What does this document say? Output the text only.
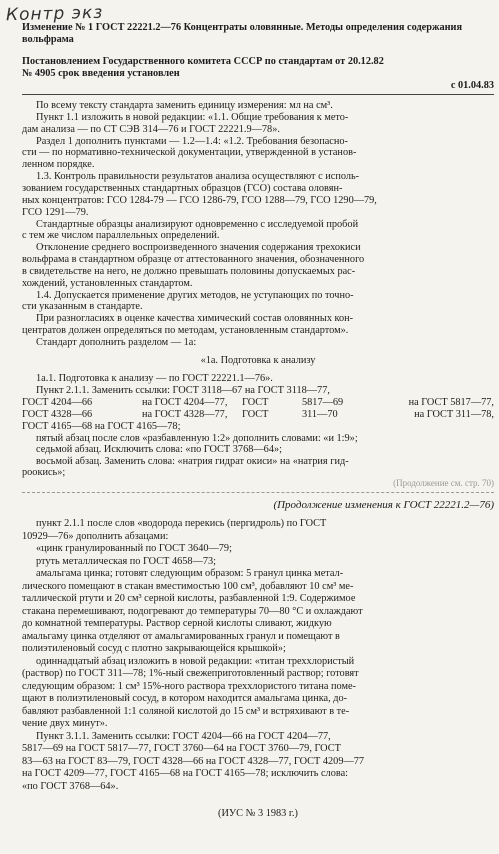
Контр экз
Изменение № 1 ГОСТ 22221.2—76 Концентраты оловянные. Методы определения содержания вольфрама
Постановлением Государственного комитета СССР по стандартам от 20.12.82
№ 4905 срок введения установлен
с 01.04.83
По всему тексту стандарта заменить единицу измерения: мл на см³.
Пункт 1.1 изложить в новой редакции: «1.1. Общие требования к мето-
дам анализа — по СТ СЭВ 314—76 и ГОСТ 22221.9—78».
Раздел 1 дополнить пунктами — 1.2—1.4: «1.2. Требования безопасно-
сти — по нормативно-технической документации, утвержденной в установ-
ленном порядке.
1.3. Контроль правильности результатов анализа осуществляют с исполь-
зованием государственных стандартных образцов (ГСО) состава оловян-
ных концентратов: ГСО 1284-79 — ГСО 1286-79, ГСО 1288—79, ГСО 1290—79,
ГСО 1291—79.
Стандартные образцы анализируют одновременно с исследуемой пробой
с тем же числом параллельных определений.
Отклонение среднего воспроизведенного значения содержания трехокиси
вольфрама в стандартном образце от аттестованного значения, обозначенного
в свидетельстве на него, не должно превышать половины допускаемых рас-
хождений, установленных стандартом.
1.4. Допускается применение других методов, не уступающих по точно-
сти указанным в стандарте.
При разногласиях в оценке качества химический состав оловянных кон-
центратов должен определяться по методам, установленным стандартом».
Стандарт дополнить разделом — 1а:
«1а. Подготовка к анализу
1а.1. Подготовка к анализу — по ГОСТ 22221.1—76».
Пункт 2.1.1. Заменить ссылки: ГОСТ 3118—67 на ГОСТ 3118—77,
ГОСТ 4204—66	на ГОСТ 4204—77,	ГОСТ	5817—69	на ГОСТ 5817—77,
ГОСТ 4328—66	на ГОСТ 4328—77,	ГОСТ	311—70	на ГОСТ 311—78,
ГОСТ 4165—68 на ГОСТ 4165—78;
пятый абзац после слов «разбавленную 1:2» дополнить словами: «и 1:9»;
седьмой абзац. Исключить слова: «по ГОСТ 3768—64»;
восьмой абзац. Заменить слова: «натрия гидрат окиси» на «натрия гид-
роокись»;
(Продолжение см. стр. 70)
(Продолжение изменения к ГОСТ 22221.2—76)
пункт 2.1.1 после слов «водорода перекись (пергидроль) по ГОСТ
10929—76» дополнить абзацами:
«цинк гранулированный по ГОСТ 3640—79;
ртуть металлическая по ГОСТ 4658—73;
амальгама цинка; готовят следующим образом: 5 гранул цинка метал-
лического помещают в стакан вместимостью 100 см³, добавляют 10 см³ ме-
таллической ртути и 20 см³ серной кислоты, разбавленной 1:9. Содержимое
стакана перемешивают, подогревают до температуры 70—80 °С и охлаждают
до комнатной температуры. Раствор серной кислоты сливают, жидкую
амальгаму цинка отделяют от амальгамированных гранул и помещают в
полиэтиленовый сосуд с плотно закрывающейся крышкой»;
одиннадцатый абзац изложить в новой редакции: «титан треххлористый
(раствор) по ГОСТ 311—78; 1%-ный свежеприготовленный раствор; готовят
следующим образом: 1 см³ 15%-ного раствора треххлористого титана поме-
щают в полиэтиленовый сосуд, в котором находится амальгама цинка, до-
бавляют разбавленной 1:1 соляной кислотой до 15 см³ и встряхивают в те-
чение двух минут».
Пункт 3.1.1. Заменить ссылки: ГОСТ 4204—66 на ГОСТ 4204—77,
5817—69 на ГОСТ 5817—77, ГОСТ 3760—64 на ГОСТ 3760—79, ГОСТ
83—63 на ГОСТ 83—79, ГОСТ 4328—66 на ГОСТ 4328—77, ГОСТ 4209—77
на ГОСТ 4209—77, ГОСТ 4165—68 на ГОСТ 4165—78; исключить слова:
«по ГОСТ 3768—64».
(ИУС № 3 1983 г.)
